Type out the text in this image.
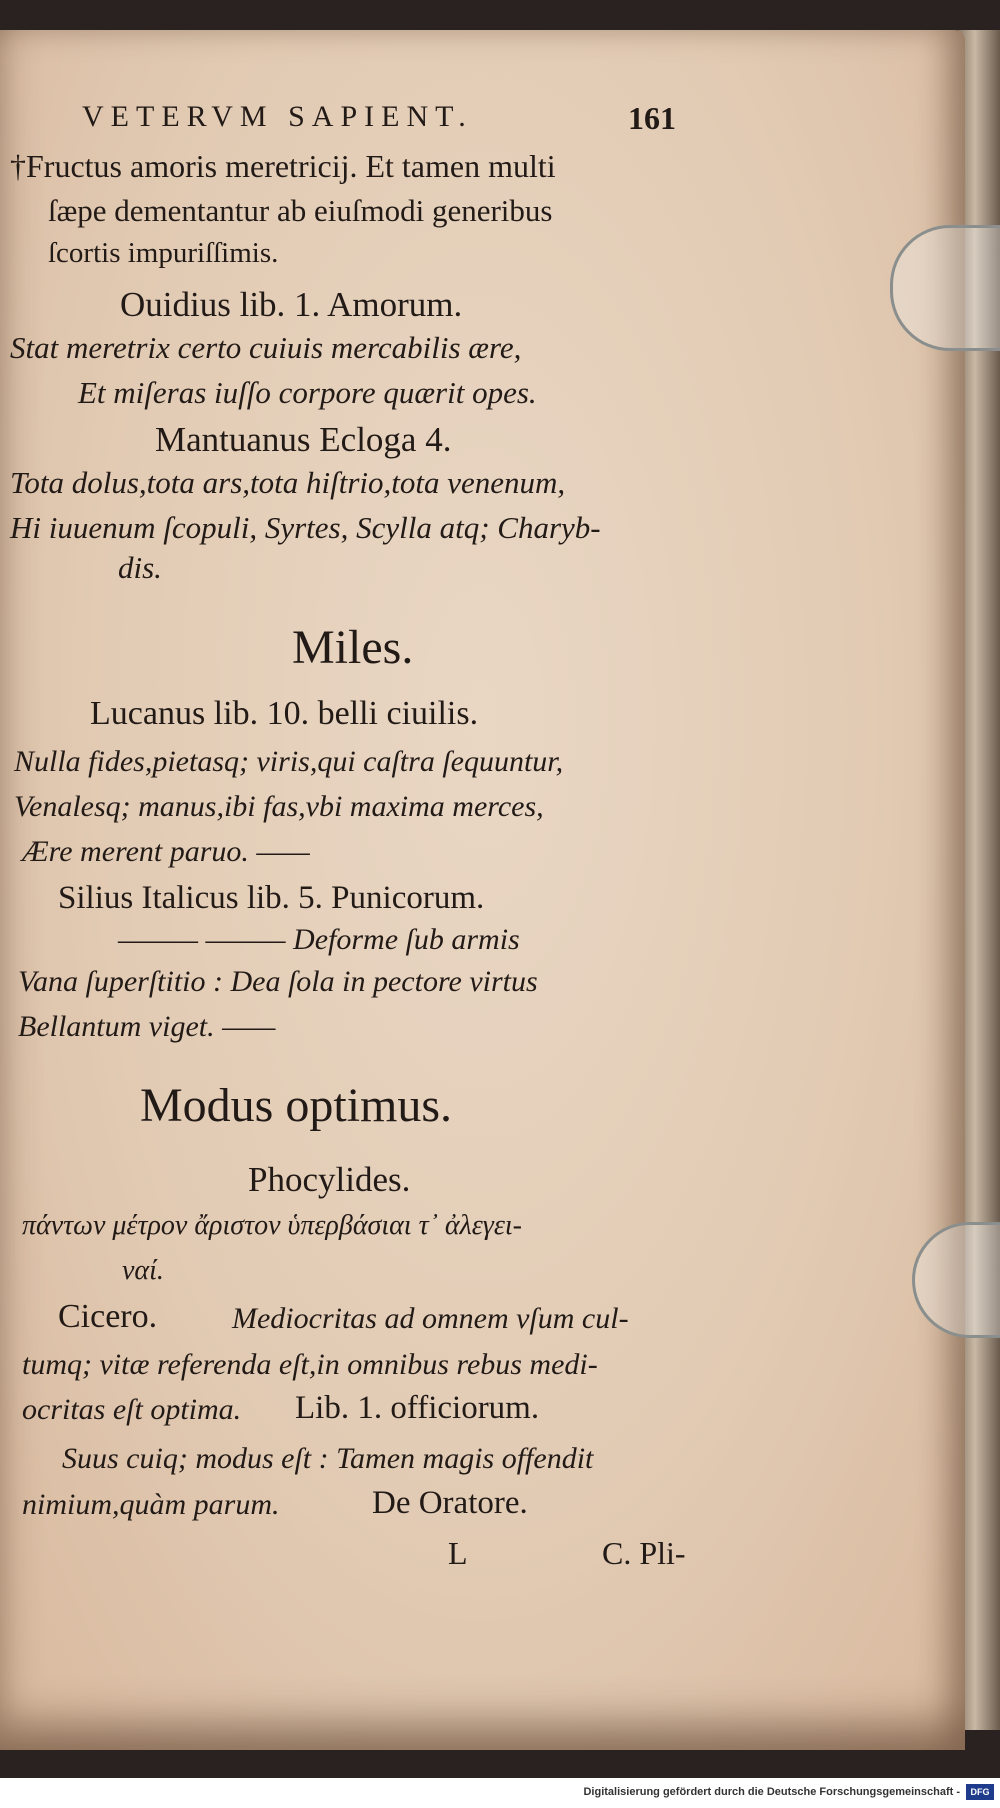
VETERVM SAPIENT.	161
†Fructus amoris meretricij. Et tamen multi
ſæpe dementantur ab eiuſmodi generibus
ſcortis impuriſſimis.
Ouidius lib. 1. Amorum.
Stat meretrix certo cuiuis mercabilis ære,
Et miſeras iuſſo corpore quærit opes.
Mantuanus Ecloga 4.
Tota dolus,tota ars,tota hiſtrio,tota venenum,
Hi iuuenum ſcopuli, Syrtes, Scylla atq; Charyb-
dis.
Miles.
Lucanus lib. 10. belli ciuilis.
Nulla fides,pietasq; viris,qui caſtra ſequuntur,
Venalesq; manus,ibi fas,vbi maxima merces,
Ære merent paruo. ——
Silius Italicus lib. 5. Punicorum.
——— ——— Deforme ſub armis
Vana ſuperſtitio : Dea ſola in pectore virtus
Bellantum viget. ——
Modus optimus.
Phocylides.
πάντων μέτρον ἄριστον ὑπερβάσιαι τ᾽ ἀλεγει-
ναί.
Cicero. Mediocritas ad omnem vſum cul-
tumq; vitæ referenda eſt,in omnibus rebus medi-
ocritas eſt optima. Lib. 1. officiorum.
Suus cuiq; modus eſt : Tamen magis offendit
nimium,quàm parum.	De Oratore.
L	C. Pli-
Digitalisierung gefördert durch die Deutsche Forschungsgemeinschaft -	DFG
